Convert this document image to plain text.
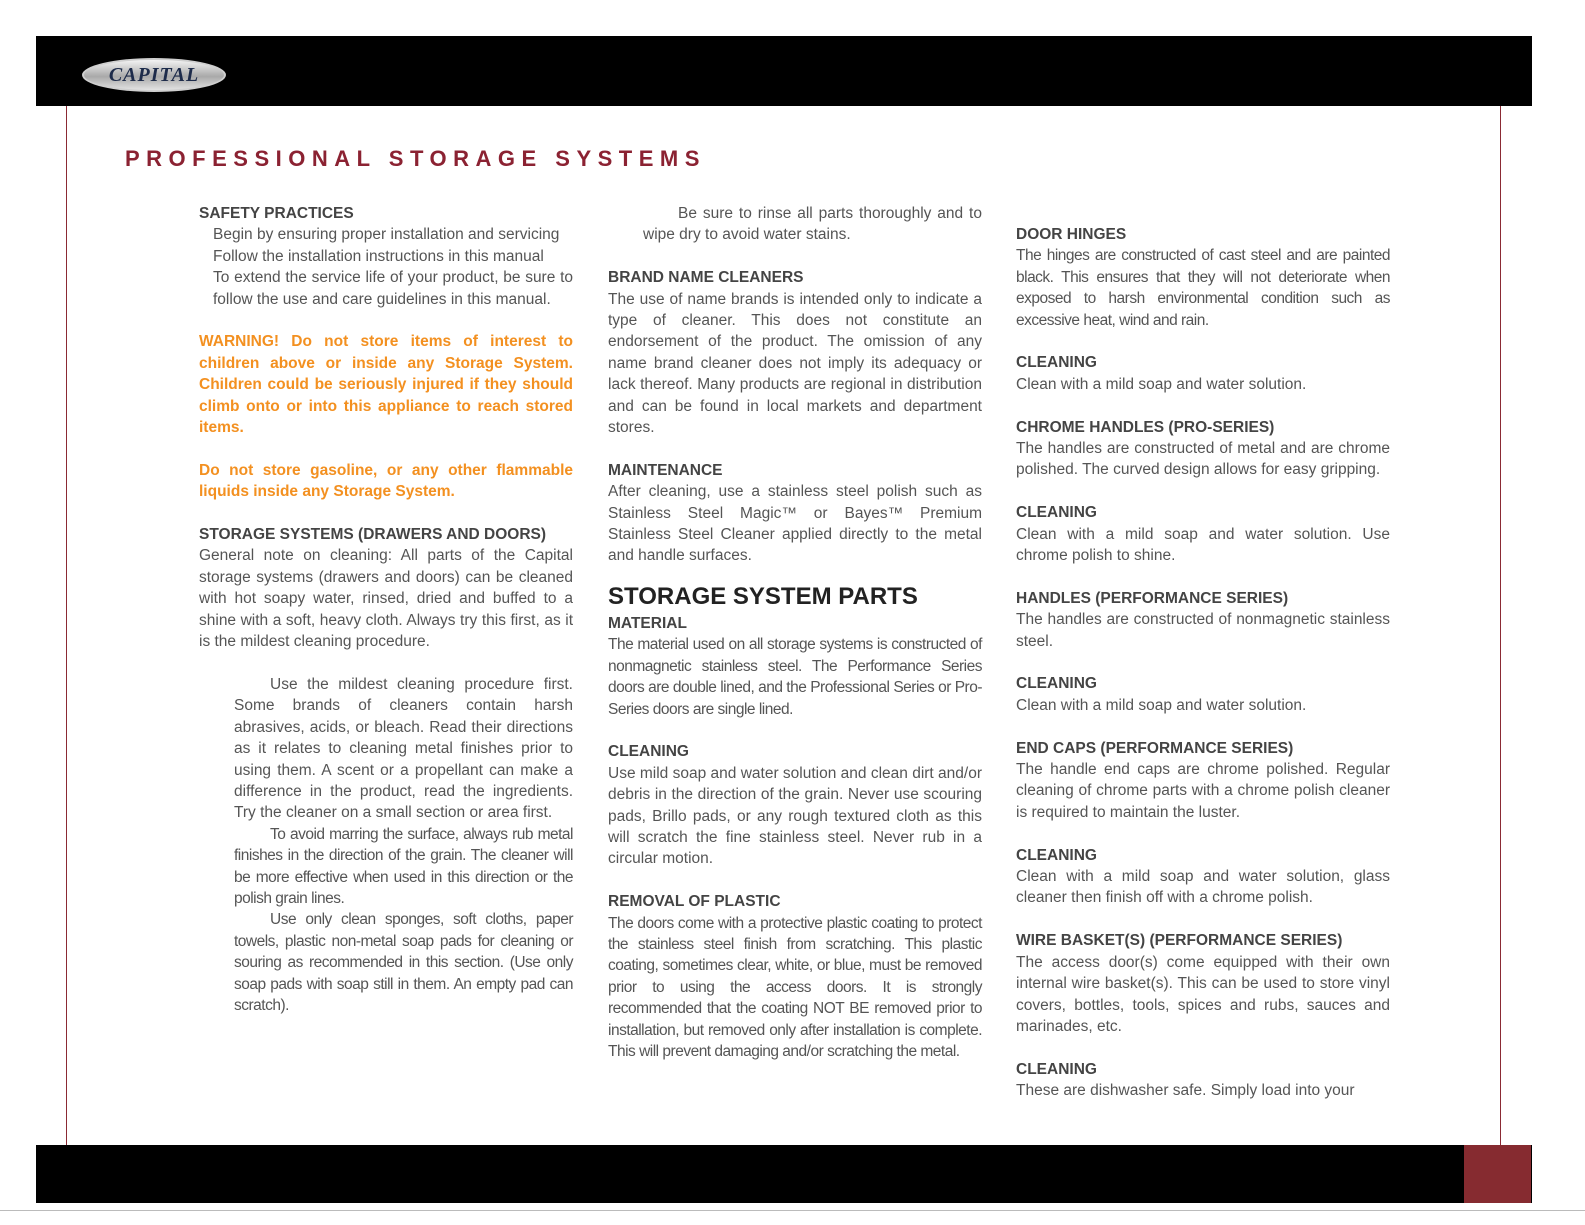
CAPITAL
PROFESSIONAL STORAGE SYSTEMS

SAFETY PRACTICES

Begin by ensuring proper installation and servicing

Follow the installation instructions in this manual

To extend the service life of your product, be sure to follow the use and care guidelines in this manual.

WARNING! Do not store items of interest to children above or inside any Storage System. Children could be seriously injured if they should climb onto or into this appliance to reach stored items.

Do not store gasoline, or any other flammable liquids inside any Storage System.

STORAGE SYSTEMS (DRAWERS AND DOORS)

General note on cleaning: All parts of the Capital storage systems (drawers and doors) can be cleaned with hot soapy water, rinsed, dried and buffed to a shine with a soft, heavy cloth. Always try this first, as it is the mildest cleaning procedure.

Use the mildest cleaning procedure first. Some brands of cleaners contain harsh abrasives, acids, or bleach. Read their directions as it relates to cleaning metal finishes prior to using them. A scent or a propellant can make a difference in the product, read the ingredients. Try the cleaner on a small section or area first.

To avoid marring the surface, always rub metal finishes in the direction of the grain. The cleaner will be more effective when used in this direction or the polish grain lines.

Use only clean sponges, soft cloths, paper towels, plastic non-metal soap pads for cleaning or souring as recommended in this section. (Use only soap pads with soap still in them. An empty pad can scratch).

Be sure to rinse all parts thoroughly and to wipe dry to avoid water stains.

BRAND NAME CLEANERS

The use of name brands is intended only to indicate a type of cleaner. This does not constitute an endorsement of the product. The omission of any name brand cleaner does not imply its adequacy or lack thereof. Many products are regional in distribution and can be found in local markets and department stores.

MAINTENANCE

After cleaning, use a stainless steel polish such as Stainless Steel Magic™ or Bayes™ Premium Stainless Steel Cleaner applied directly to the metal and handle surfaces.

STORAGE SYSTEM PARTS

MATERIAL

The material used on all storage systems is constructed of nonmagnetic stainless steel. The Performance Series doors are double lined, and the Professional Series or Pro-Series doors are single lined.

CLEANING

Use mild soap and water solution and clean dirt and/or debris in the direction of the grain. Never use scouring pads, Brillo pads, or any rough textured cloth as this will scratch the fine stainless steel. Never rub in a circular motion.

REMOVAL OF PLASTIC

The doors come with a protective plastic coating to protect the stainless steel finish from scratching. This plastic coating, sometimes clear, white, or blue, must be removed prior to using the access doors. It is strongly recommended that the coating NOT BE removed prior to installation, but removed only after installation is complete. This will prevent damaging and/or scratching the metal.

DOOR HINGES

The hinges are constructed of cast steel and are painted black. This ensures that they will not deteriorate when exposed to harsh environmental condition such as excessive heat, wind and rain.

CLEANING

Clean with a mild soap and water solution.

CHROME HANDLES (PRO-SERIES)

The handles are constructed of metal and are chrome polished. The curved design allows for easy gripping.

CLEANING

Clean with a mild soap and water solution. Use chrome polish to shine.

HANDLES (PERFORMANCE SERIES)

The handles are constructed of nonmagnetic stainless steel.

CLEANING

Clean with a mild soap and water solution.

END CAPS (PERFORMANCE SERIES)

The handle end caps are chrome polished. Regular cleaning of chrome parts with a chrome polish cleaner is required to maintain the luster.

CLEANING

Clean with a mild soap and water solution, glass cleaner then finish off with a chrome polish.

WIRE BASKET(S) (PERFORMANCE SERIES)

The access door(s) come equipped with their own internal wire basket(s). This can be used to store vinyl covers, bottles, tools, spices and rubs, sauces and marinades, etc.

CLEANING

These are dishwasher safe. Simply load into your
